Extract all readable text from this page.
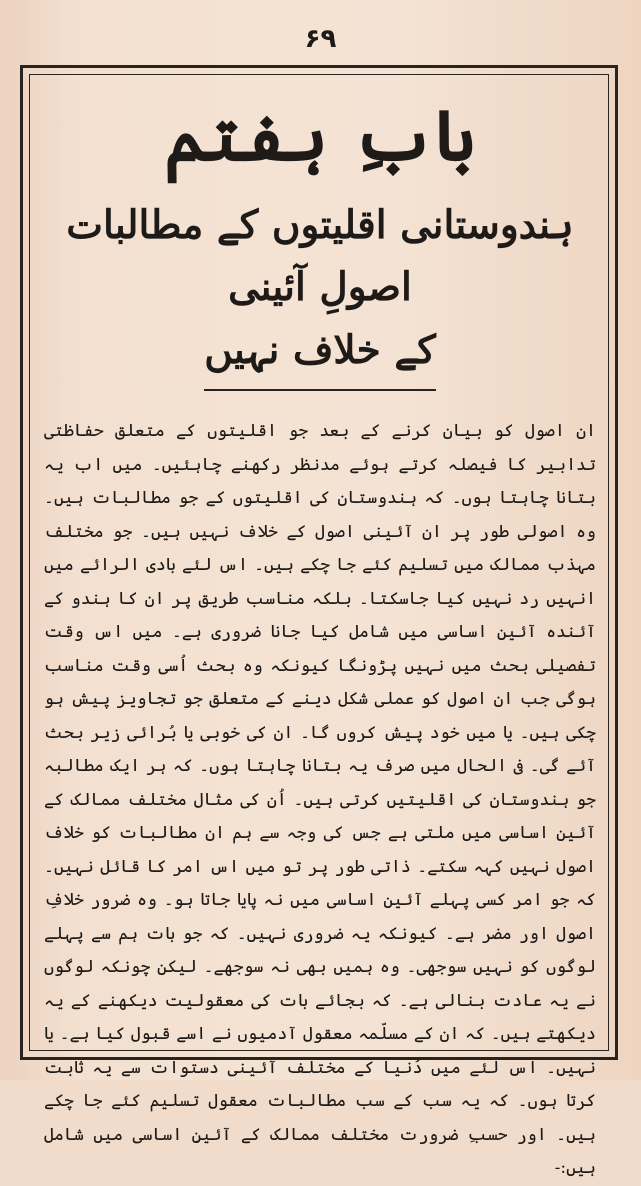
۶۹
بابِ ہفتم
ہندوستانی اقلیتوں کے مطالبات اصولِ آئینی
کے خلاف نہیں

ان اصول کو بیان کرنے کے بعد جو اقلیتوں کے متعلق حفاظتی تدابیر کا فیصلہ کرتے ہوئے مدنظر رکھنے چاہئیں۔ میں اب یہ بتانا چاہتا ہوں۔ کہ ہندوستان کی اقلیتوں کے جو مطالبات ہیں۔ وہ اصولی طور پر ان آئینی اصول کے خلاف نہیں ہیں۔ جو مختلف مہذب ممالک میں تسلیم کئے جا چکے ہیں۔ اس لئے بادی الرائے میں انہیں رد نہیں کیا جاسکتا۔ بلکہ مناسب طریق پر ان کا ہندو کے آئندہ آئین اساسی میں شامل کیا جانا ضروری ہے۔ میں اس وقت تفصیلی بحث میں نہیں پڑونگا کیونکہ وہ بحث اُسی وقت مناسب ہوگی جب ان اصول کو عملی شکل دینے کے متعلق جو تجاویز پیش ہو چکی ہیں۔ یا میں خود پیش کروں گا۔ ان کی خوبی یا بُرائی زیر بحث آئے گی۔ فی الحال میں صرف یہ بتانا چاہتا ہوں۔ کہ ہر ایک مطالبہ جو ہندوستان کی اقلیتیں کرتی ہیں۔ اُن کی مثال مختلف ممالک کے آئین اساسی میں ملتی ہے جس کی وجہ سے ہم ان مطالبات کو خلاف اصول نہیں کہہ سکتے۔ ذاتی طور پر تو میں اس امر کا قائل نہیں۔ کہ جو امر کسی پہلے آئین اساسی میں نہ پایا جاتا ہو۔ وہ ضرور خلافِ اصول اور مضر ہے۔ کیونکہ یہ ضروری نہیں۔ کہ جو بات ہم سے پہلے لوگوں کو نہیں سوجھی۔ وہ ہمیں بھی نہ سوجھے۔ لیکن چونکہ لوگوں نے یہ عادت بنالی ہے۔ کہ بجائے بات کی معقولیت دیکھنے کے یہ دیکھتے ہیں۔ کہ ان کے مسلّمہ معقول آدمیوں نے اسے قبول کیا ہے۔ یا نہیں۔ اس لئے میں دُنیا کے مختلف آئینی دستوات سے یہ ثابت کرتا ہوں۔ کہ یہ سب کے سب مطالبات معقول تسلیم کئے جا چکے ہیں۔ اور حسبِ ضرورت مختلف ممالک کے آئینِ اساسی میں شامل ہیں:-
